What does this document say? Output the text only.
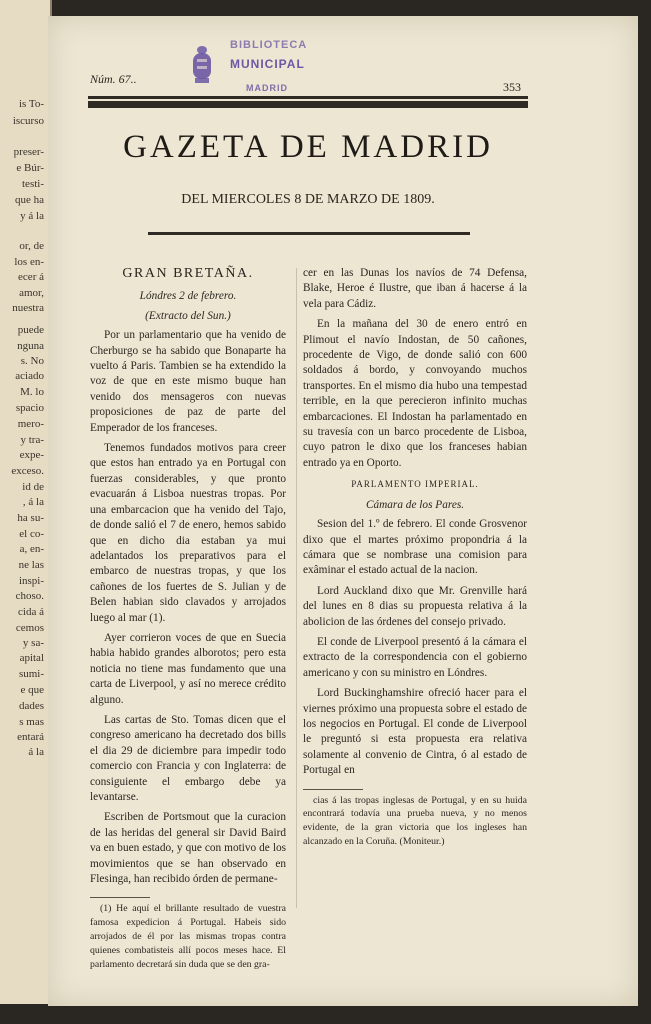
is To-
iscurso
preser-
e Búr-
testi-
que ha
y á la
or, de
los en-
ecer á
amor,
nuestra
puede
nguna
s. No
aciado
M. lo
spacio
mero-
y tra-
expe-
exceso.
id de
, á la
ha su-
el co-
a, en-
ne las
inspi-
choso.
cida á
cemos
y sa-
apital
sumi-
e que
dades
s mas
entará
á la
BIBLIOTECA
MUNICIPAL
MADRID
Núm. 67..
353
GAZETA DE MADRID
DEL MIERCOLES 8 DE MARZO DE 1809.
GRAN BRETAÑA.
Lóndres 2 de febrero.
(Extracto del Sun.)

Por un parlamentario que ha venido de Cherburgo se ha sabido que Bonaparte ha vuelto á Paris. Tambien se ha extendido la voz de que en este mismo buque han venido dos mensageros con nuevas proposiciones de paz de parte del Emperador de los franceses.

Tenemos fundados motivos para creer que estos han entrado ya en Portugal con fuerzas considerables, y que pronto evacuarán á Lisboa nuestras tropas. Por una embarcacion que ha venido del Tajo, de donde salió el 7 de enero, hemos sabido que en dicho dia estaban ya mui adelantados los preparativos para el embarco de nuestras tropas, y que los cañones de los fuertes de S. Julian y de Belen habian sido clavados y arrojados luego al mar (1).

Ayer corrieron voces de que en Suecia habia habido grandes alborotos; pero esta noticia no tiene mas fundamento que una carta de Liverpool, y así no merece crédito alguno.

Las cartas de Sto. Tomas dicen que el congreso americano ha decretado dos bills el dia 29 de diciembre para impedir todo comercio con Francia y con Inglaterra: de consiguiente el embargo debe ya levantarse.

Escriben de Portsmout que la curacion de las heridas del general sir David Baird va en buen estado, y que con motivo de los movimientos que se han observado en Flesinga, han recibido órden de permane-

(1) He aquí el brillante resultado de vuestra famosa expedicion á Portugal. Habeis sido arrojados de él por las mismas tropas contra quienes combatisteis allí pocos meses hace. El parlamento decretará sin duda que se den gra-

cer en las Dunas los navíos de 74 Defensa, Blake, Heroe é Ilustre, que iban á hacerse á la vela para Cádiz.

En la mañana del 30 de enero entró en Plimout el navío Indostan, de 50 cañones, procedente de Vigo, de donde salió con 600 soldados á bordo, y convoyando muchos transportes. En el mismo dia hubo una tempestad terrible, en la que perecieron infinito muchas embarcaciones. El Indostan ha parlamentado en su travesía con un barco procedente de Lisboa, cuyo patron le dixo que los franceses habian entrado ya en Oporto.

PARLAMENTO IMPERIAL.
Cámara de los Pares.

Sesion del 1.º de febrero. El conde Grosvenor dixo que el martes próximo propondria á la cámara que se nombrase una comision para exâminar el estado actual de la nacion.

Lord Auckland dixo que Mr. Grenville hará del lunes en 8 dias su propuesta relativa á la abolicion de las órdenes del consejo privado.

El conde de Liverpool presentó á la cámara el extracto de la correspondencia con el gobierno americano y con su ministro en Lóndres.

Lord Buckinghamshire ofreció hacer para el viernes próximo una propuesta sobre el estado de los negocios en Portugal. El conde de Liverpool le preguntó si esta propuesta era relativa solamente al convenio de Cintra, ó al estado de Portugal en

cias á las tropas inglesas de Portugal, y en su huida encontrará todavía una prueba nueva, y no menos evidente, de la gran victoria que los ingleses han alcanzado en la Coruña. (Moniteur.)
